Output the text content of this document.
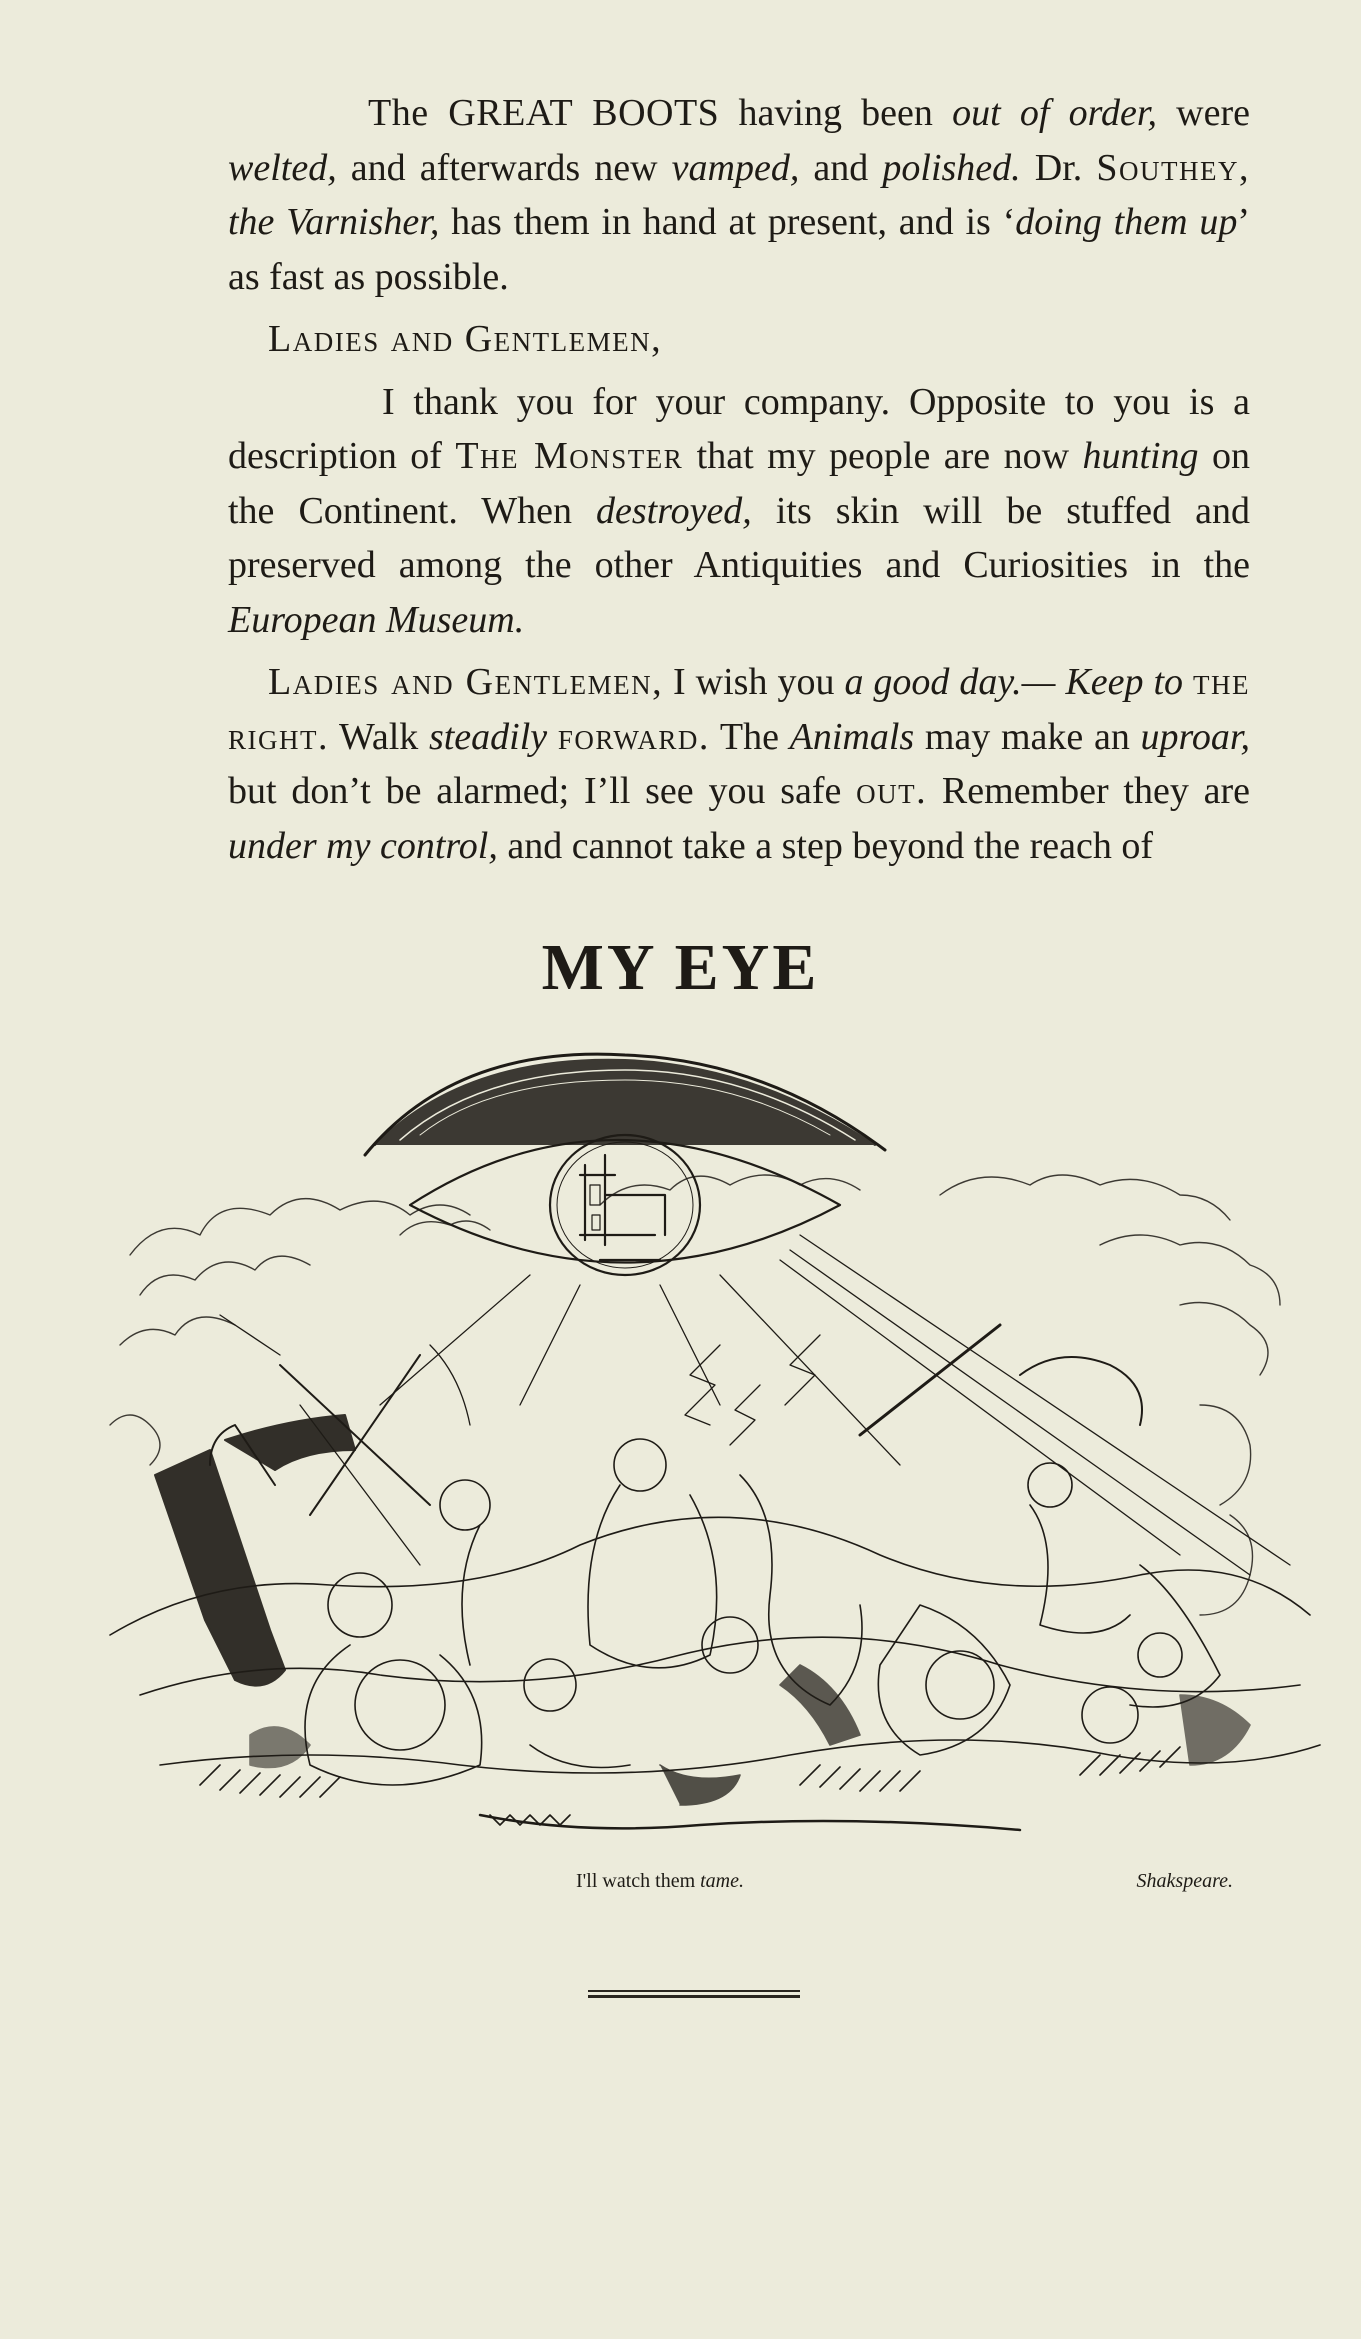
The GREAT BOOTS having been out of order, were welted, and afterwards new vamped, and polished. Dr. Southey, the Varnisher, has them in hand at present, and is ‘doing them up’ as fast as possible.

Ladies and Gentlemen,

I thank you for your company. Opposite to you is a description of The Monster that my people are now hunting on the Continent. When destroyed, its skin will be stuffed and preserved among the other Antiquities and Curiosities in the European Museum.

Ladies and Gentlemen, I wish you a good day.— Keep to the right. Walk steadily forward. The Animals may make an uproar, but don’t be alarmed; I’ll see you safe out. Remember they are under my control, and cannot take a step beyond the reach of

MY EYE
I'll watch them tame.	Shakspeare.
